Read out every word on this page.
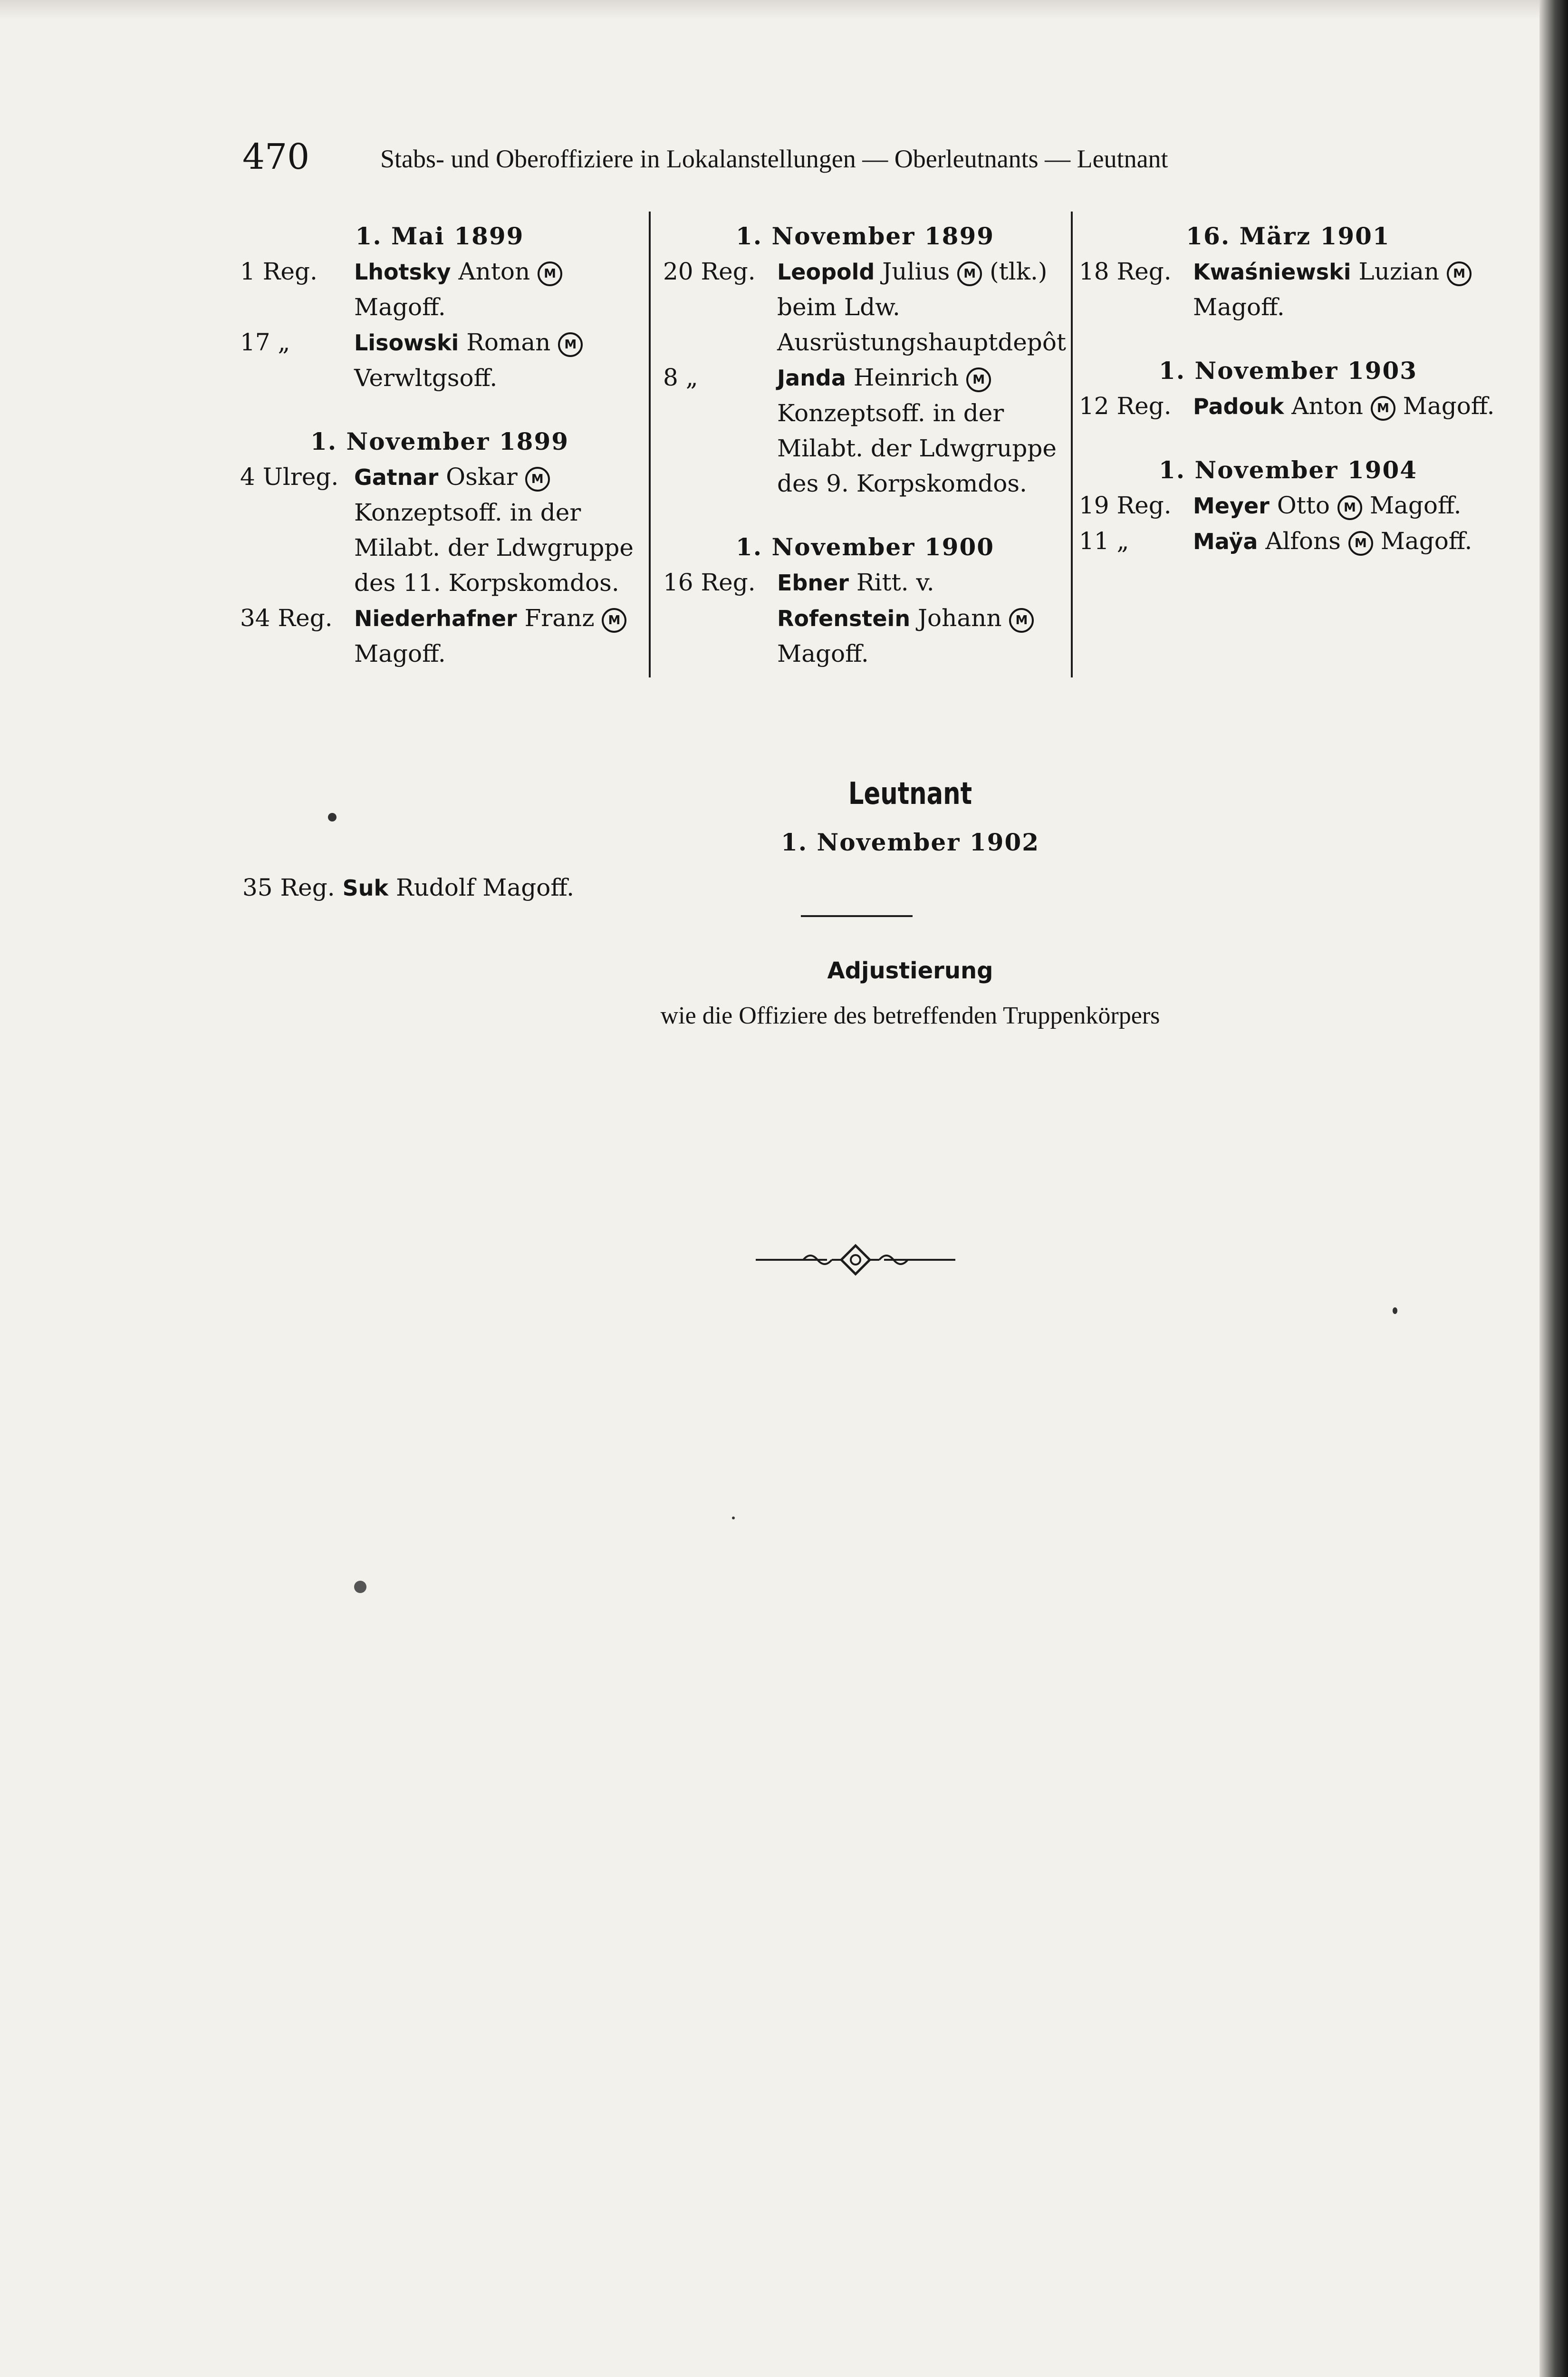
470	Stabs- und Oberoffiziere in Lokalanstellungen — Oberleutnants — Leutnant
1. Mai 1899
1 Reg.	Lhotsky Anton M Magoff.
17 „	Lisowski Roman M Verwltgsoff.
1. November 1899
4 Ulreg. Gatnar Oskar M Konzeptsoff. in der Milabt. der Ldwgruppe des 11. Korpskomdos.
34 Reg. Niederhafner Franz M Magoff.
1. November 1899
20 Reg. Leopold Julius M (tlk.) beim Ldw. Ausrüstungshauptdepôt
8 „	Janda Heinrich M Konzeptsoff. in der Milabt. der Ldwgruppe des 9. Korpskomdos.
1. November 1900
16 Reg. Ebner Ritt. v. Rofenstein Johann M Magoff.
16. März 1901
18 Reg. Kwaśniewski Luzian M Magoff.
1. November 1903
12 Reg. Padouk Anton M Magoff.
1. November 1904
19 Reg. Meyer Otto M Magoff.
11 „	Maÿa Alfons M Magoff.
Leutnant
1. November 1902
35 Reg. Suk Rudolf Magoff.
Adjustierung
wie die Offiziere des betreffenden Truppenkörpers
